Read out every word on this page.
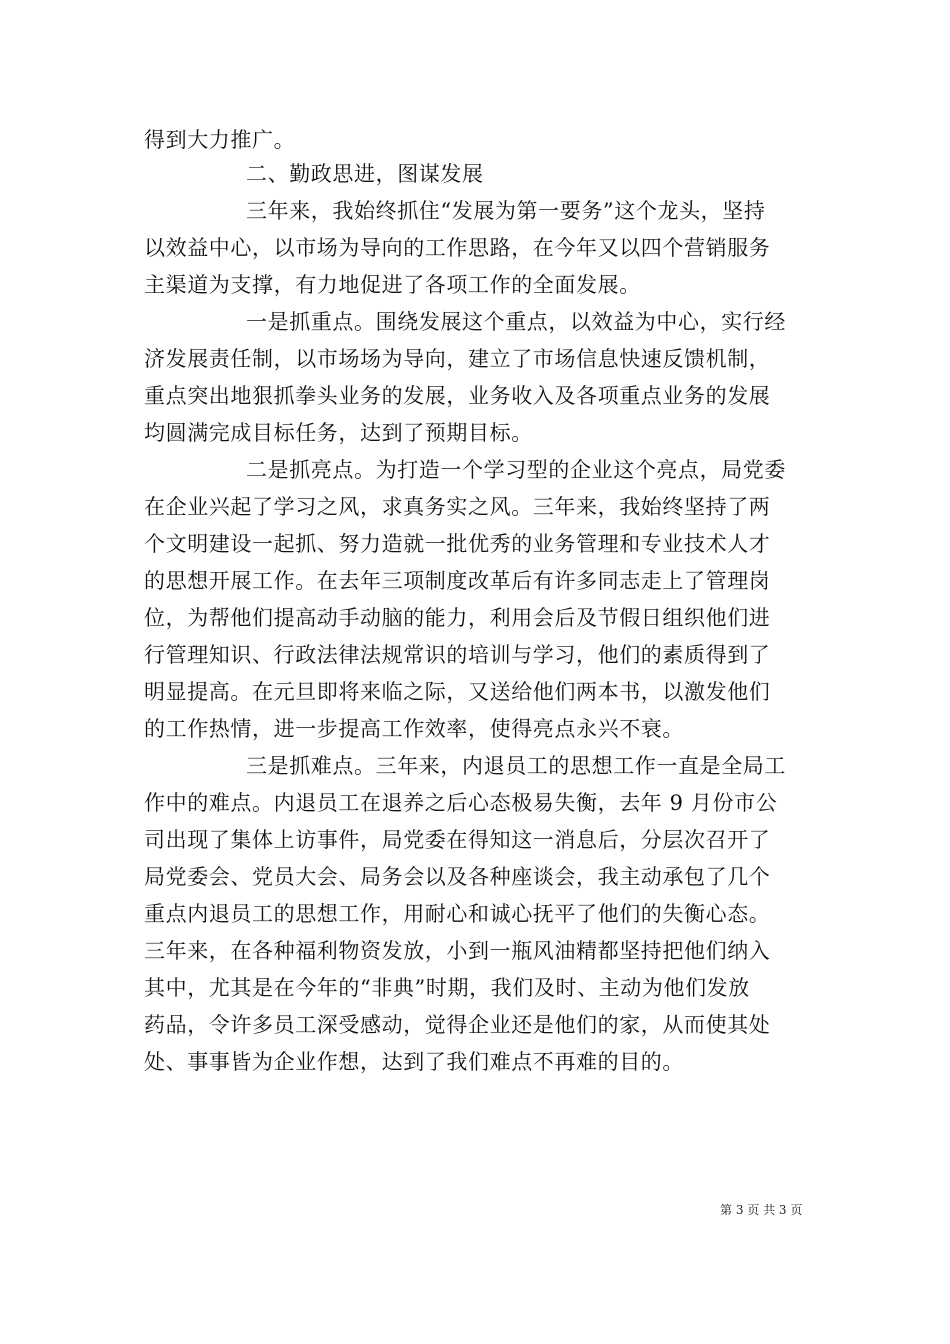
得到大力推广。
二、勤政思进，图谋发展
三年来，我始终抓住“发展为第一要务”这个龙头，坚持
以效益中心，以市场为导向的工作思路，在今年又以四个营销服务
主渠道为支撑，有力地促进了各项工作的全面发展。
一是抓重点。围绕发展这个重点，以效益为中心，实行经
济发展责任制，以市场场为导向，建立了市场信息快速反馈机制，
重点突出地狠抓拳头业务的发展，业务收入及各项重点业务的发展
均圆满完成目标任务，达到了预期目标。
二是抓亮点。为打造一个学习型的企业这个亮点，局党委
在企业兴起了学习之风，求真务实之风。三年来，我始终坚持了两
个文明建设一起抓、努力造就一批优秀的业务管理和专业技术人才
的思想开展工作。在去年三项制度改革后有许多同志走上了管理岗
位，为帮他们提高动手动脑的能力，利用会后及节假日组织他们进
行管理知识、行政法律法规常识的培训与学习，他们的素质得到了
明显提高。在元旦即将来临之际，又送给他们两本书，以激发他们
的工作热情，进一步提高工作效率，使得亮点永兴不衰。
三是抓难点。三年来，内退员工的思想工作一直是全局工
作中的难点。内退员工在退养之后心态极易失衡，去年 9 月份市公
司出现了集体上访事件，局党委在得知这一消息后，分层次召开了
局党委会、党员大会、局务会以及各种座谈会，我主动承包了几个
重点内退员工的思想工作，用耐心和诚心抚平了他们的失衡心态。
三年来，在各种福利物资发放，小到一瓶风油精都坚持把他们纳入
其中，尤其是在今年的“非典”时期，我们及时、主动为他们发放
药品，令许多员工深受感动，觉得企业还是他们的家，从而使其处
处、事事皆为企业作想，达到了我们难点不再难的目的。
第 3 页 共 3 页
